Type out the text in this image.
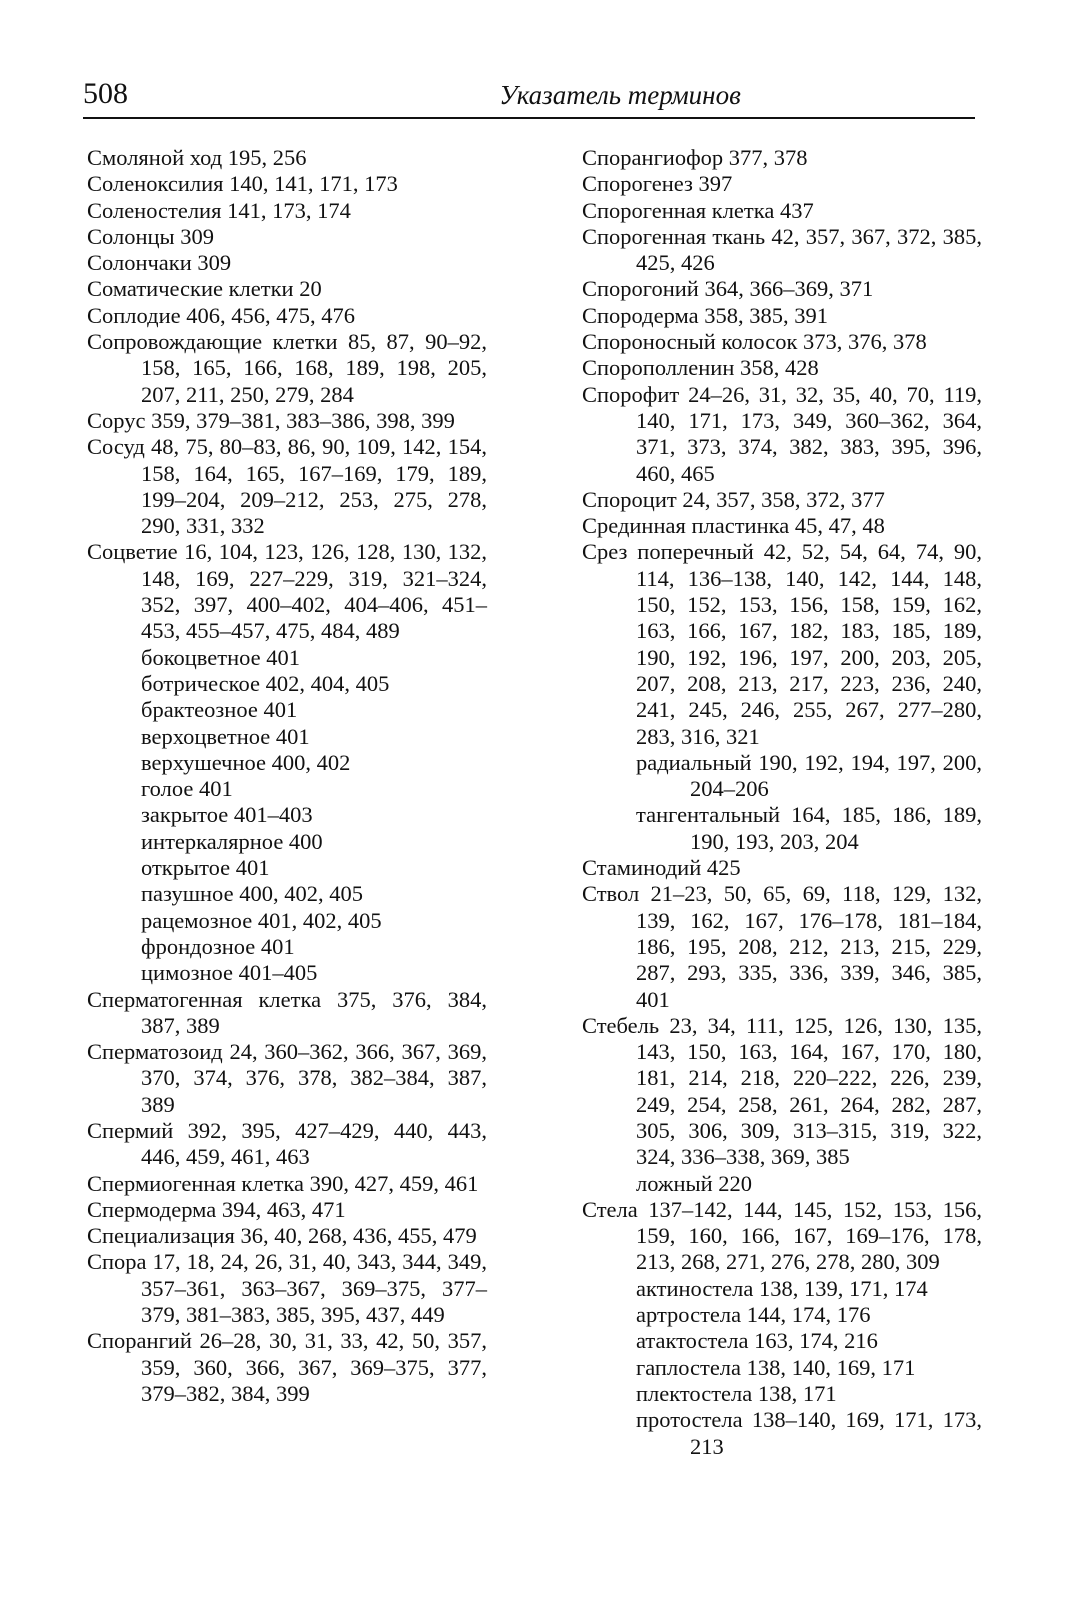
508	Указатель терминов
Смоляной ход 195, 256
Соленоксилия 140, 141, 171, 173
Соленостелия 141, 173, 174
Солонцы 309
Солончаки 309
Соматические клетки 20
Соплодие 406, 456, 475, 476
Сопровождающие клетки 85, 87, 90–92, 158, 165, 166, 168, 189, 198, 205, 207, 211, 250, 279, 284
Сорус 359, 379–381, 383–386, 398, 399
Сосуд 48, 75, 80–83, 86, 90, 109, 142, 154, 158, 164, 165, 167–169, 179, 189, 199–204, 209–212, 253, 275, 278, 290, 331, 332
Соцветие 16, 104, 123, 126, 128, 130, 132, 148, 169, 227–229, 319, 321–324, 352, 397, 400–402, 404–406, 451–453, 455–457, 475, 484, 489
бокоцветное 401
ботрическое 402, 404, 405
брактеозное 401
верхоцветное 401
верхушечное 400, 402
голое 401
закрытое 401–403
интеркалярное 400
открытое 401
пазушное 400, 402, 405
рацемозное 401, 402, 405
фрондозное 401
цимозное 401–405
Сперматогенная клетка 375, 376, 384, 387, 389
Сперматозоид 24, 360–362, 366, 367, 369, 370, 374, 376, 378, 382–384, 387, 389
Спермий 392, 395, 427–429, 440, 443, 446, 459, 461, 463
Спермиогенная клетка 390, 427, 459, 461
Спермодерма 394, 463, 471
Специализация 36, 40, 268, 436, 455, 479
Спора 17, 18, 24, 26, 31, 40, 343, 344, 349, 357–361, 363–367, 369–375, 377–379, 381–383, 385, 395, 437, 449
Спорангий 26–28, 30, 31, 33, 42, 50, 357, 359, 360, 366, 367, 369–375, 377, 379–382, 384, 399
Спорангиофор 377, 378
Спорогенез 397
Спорогенная клетка 437
Спорогенная ткань 42, 357, 367, 372, 385, 425, 426
Спорогоний 364, 366–369, 371
Спородерма 358, 385, 391
Спороносный колосок 373, 376, 378
Спорополленин 358, 428
Спорофит 24–26, 31, 32, 35, 40, 70, 119, 140, 171, 173, 349, 360–362, 364, 371, 373, 374, 382, 383, 395, 396, 460, 465
Спороцит 24, 357, 358, 372, 377
Срединная пластинка 45, 47, 48
Срез поперечный 42, 52, 54, 64, 74, 90, 114, 136–138, 140, 142, 144, 148, 150, 152, 153, 156, 158, 159, 162, 163, 166, 167, 182, 183, 185, 189, 190, 192, 196, 197, 200, 203, 205, 207, 208, 213, 217, 223, 236, 240, 241, 245, 246, 255, 267, 277–280, 283, 316, 321
радиальный 190, 192, 194, 197, 200, 204–206
тангентальный 164, 185, 186, 189, 190, 193, 203, 204
Стаминодий 425
Ствол 21–23, 50, 65, 69, 118, 129, 132, 139, 162, 167, 176–178, 181–184, 186, 195, 208, 212, 213, 215, 229, 287, 293, 335, 336, 339, 346, 385, 401
Стебель 23, 34, 111, 125, 126, 130, 135, 143, 150, 163, 164, 167, 170, 180, 181, 214, 218, 220–222, 226, 239, 249, 254, 258, 261, 264, 282, 287, 305, 306, 309, 313–315, 319, 322, 324, 336–338, 369, 385
ложный 220
Стела 137–142, 144, 145, 152, 153, 156, 159, 160, 166, 167, 169–176, 178, 213, 268, 271, 276, 278, 280, 309
актиностела 138, 139, 171, 174
артростела 144, 174, 176
атактостела 163, 174, 216
гаплостела 138, 140, 169, 171
плектостела 138, 171
протостела 138–140, 169, 171, 173, 213
